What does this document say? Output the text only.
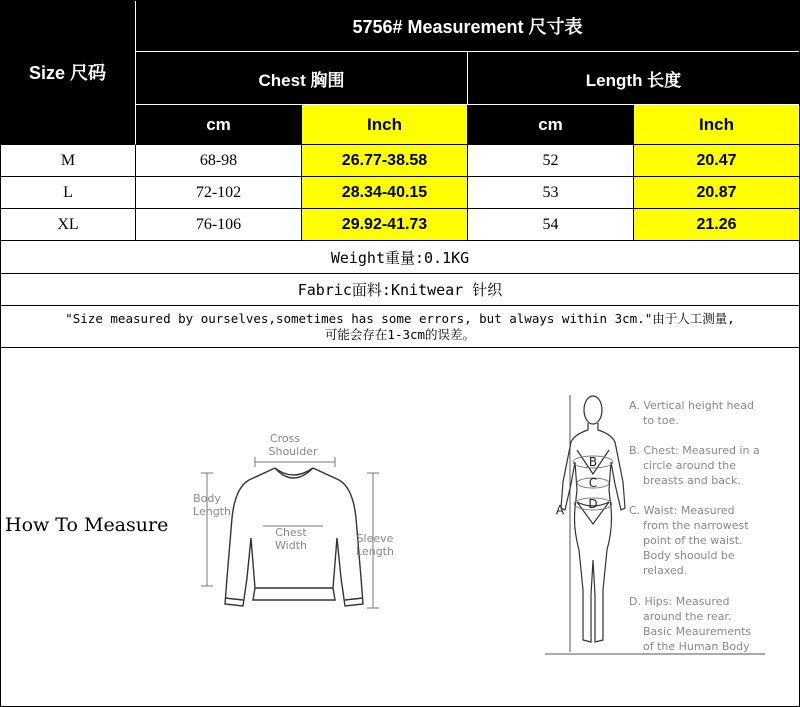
Size 尺码
5756# Measurement 尺寸表
Chest 胸围	Length 长度
cm	Inch	cm	Inch
M	68-98	26.77-38.58	52	20.47
L	72-102	28.34-40.15	53	20.87
XL	76-106	29.92-41.73	54	21.26
Weight重量:0.1KG
Fabric面料:Knitwear 针织
"Size measured by ourselves,sometimes has some errors, but always within 3cm."由于人工测量,
可能会存在1-3cm的误差。
How To Measure
Cross
Shoulder
Body
Length
Chest
Width
Sleeve
Length
A
B
C
D
A. Vertical height head
to toe.
B. Chest: Measured in a
circle around the
breasts and back.
C. Waist: Measured
from the narrowest
point of the waist.
Body shoould be
relaxed.
D. Hips: Measured
around the rear.
Basic Meaurements
of the Human Body
